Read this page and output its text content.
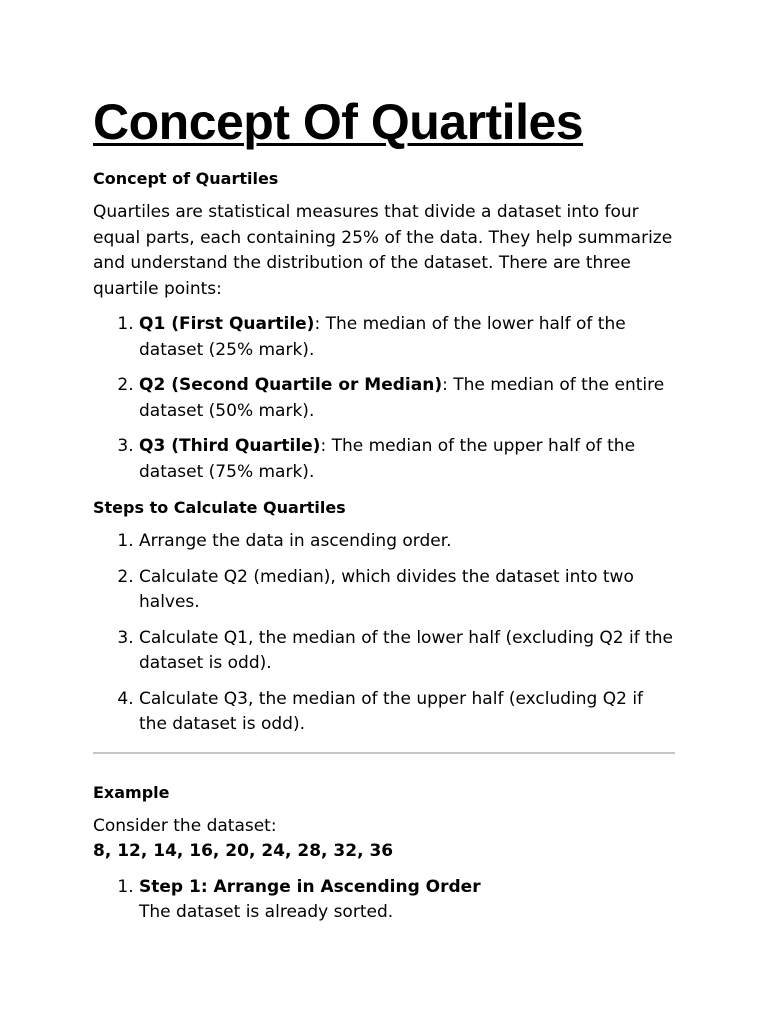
Concept Of Quartiles
Concept of Quartiles

Quartiles are statistical measures that divide a dataset into four equal parts, each containing 25% of the data. They help summarize and understand the distribution of the dataset. There are three quartile points:

1. Q1 (First Quartile): The median of the lower half of the dataset (25% mark).
2. Q2 (Second Quartile or Median): The median of the entire dataset (50% mark).
3. Q3 (Third Quartile): The median of the upper half of the dataset (75% mark).
Steps to Calculate Quartiles
1. Arrange the data in ascending order.
2. Calculate Q2 (median), which divides the dataset into two halves.
3. Calculate Q1, the median of the lower half (excluding Q2 if the dataset is odd).
4. Calculate Q3, the median of the upper half (excluding Q2 if the dataset is odd).
Example

Consider the dataset:
8, 12, 14, 16, 20, 24, 28, 32, 36

1. Step 1: Arrange in Ascending Order
The dataset is already sorted.
